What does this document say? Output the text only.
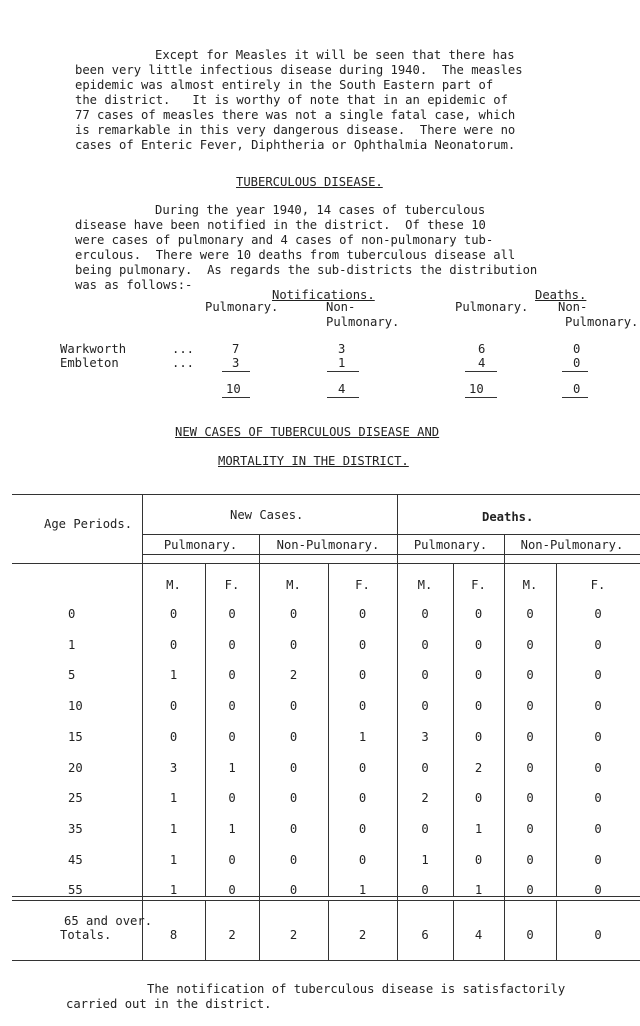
Except for Measles it will be seen that there has
been very little infectious disease during 1940.  The measles
epidemic was almost entirely in the South Eastern part of
the district.   It is worthy of note that in an epidemic of
77 cases of measles there was not a single fatal case, which
is remarkable in this very dangerous disease.  There were no
cases of Enteric Fever, Diphtheria or Ophthalmia Neonatorum.
TUBERCULOUS DISEASE.
During the year 1940, 14 cases of tuberculous
disease have been notified in the district.  Of these 10
were cases of pulmonary and 4 cases of non-pulmonary tub-
erculous.  There were 10 deaths from tuberculous disease all
being pulmonary.  As regards the sub-districts the distribution
was as follows:-
Notifications.	Deaths.
Pulmonary.	Non-
Pulmonary.
Pulmonary. Non-
Pulmonary.
Warkworth	...	7	3	6	0
Embleton	...	3	1	4	0
10	4	10	0
NEW CASES OF TUBERCULOUS DISEASE AND
MORTALITY IN THE DISTRICT.
Age Periods.
New Cases.	Deaths.
Pulmonary.	Non-Pulmonary.	Pulmonary.	Non-Pulmonary.
M.	F.	M.	F.	M.	F.	M.	F.
0	0	0	0	0	0	0	0	0
1	0	0	0	0	0	0	0	0
5	1	0	2	0	0	0	0	0
10	0	0	0	0	0	0	0	0
15	0	0	0	1	3	0	0	0
20	3	1	0	0	0	2	0	0
25	1	0	0	0	2	0	0	0
35	1	1	0	0	0	1	0	0
45	1	0	0	0	1	0	0	0
55	1	0	0	1	0	1	0	0
65 and over.
Totals.	8	2	2	2	6	4	0	0
The notification of tuberculous disease is satisfactorily
carried out in the district.
